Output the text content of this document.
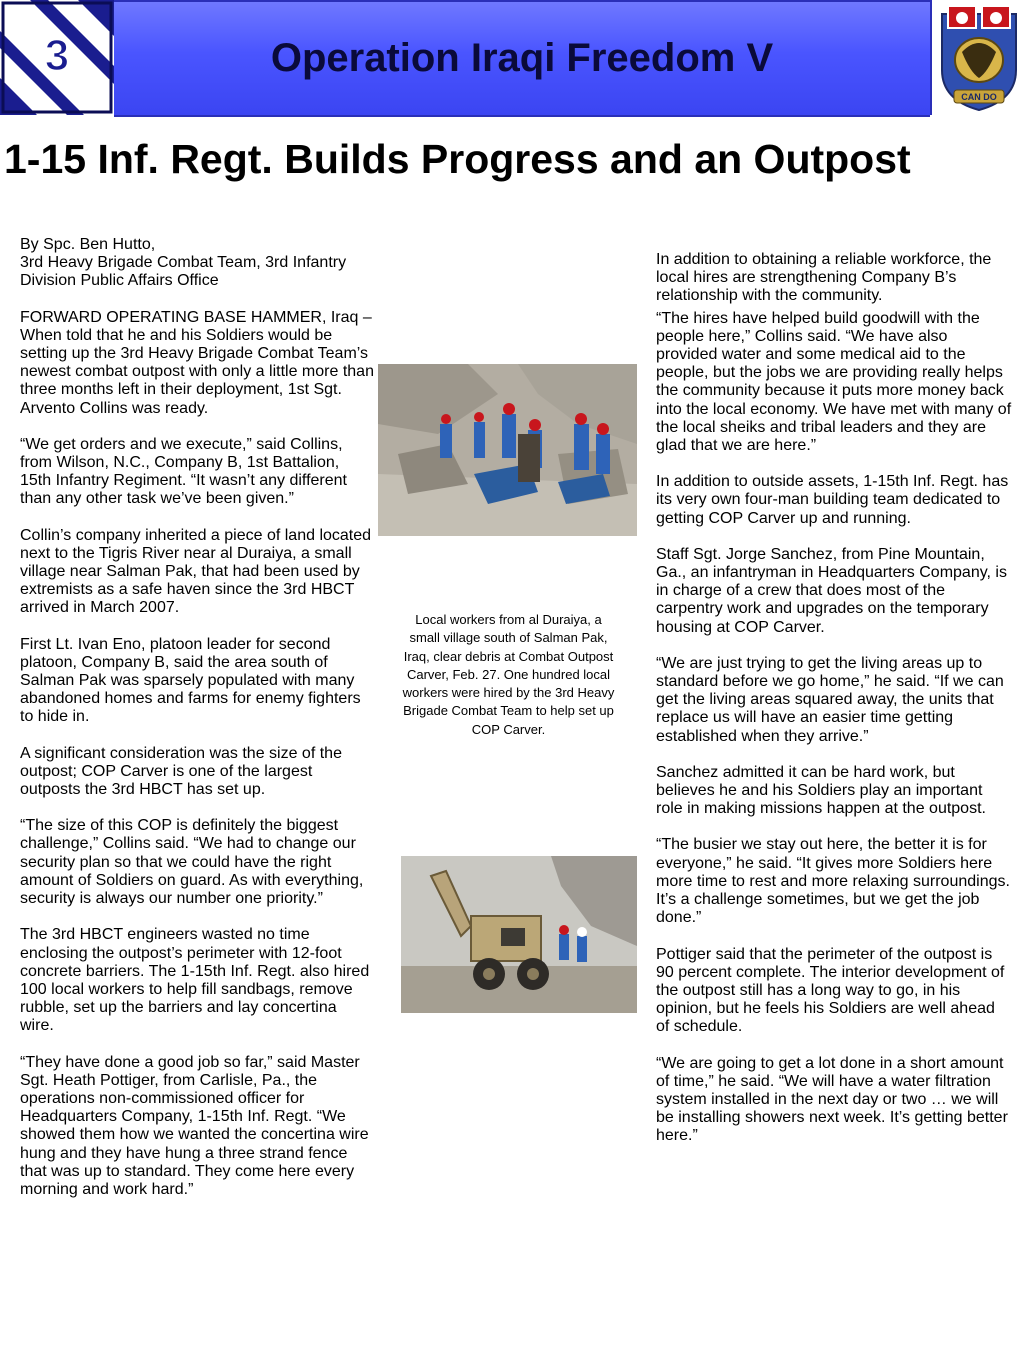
3	Operation Iraqi Freedom V
CAN DO
1-15 Inf. Regt. Builds Progress and an Outpost

By Spc. Ben Hutto,
3rd Heavy Brigade Combat Team, 3rd Infantry Division Public Affairs Office

FORWARD OPERATING BASE HAMMER, Iraq – When told that he and his Soldiers would be setting up the 3rd Heavy Brigade Combat Team’s newest combat outpost with only a little more than three months left in their deployment, 1st Sgt. Arvento Collins was ready.

“We get orders and we execute,” said Collins, from Wilson, N.C., Company B, 1st Battalion, 15th Infantry Regiment. “It wasn’t any different than any other task we’ve been given.”

Collin’s company inherited a piece of land located next to the Tigris River near al Duraiya, a small village near Salman Pak, that had been used by extremists as a safe haven since the 3rd HBCT arrived in March 2007.

First Lt. Ivan Eno, platoon leader for second platoon, Company B, said the area south of Salman Pak was sparsely populated with many abandoned homes and farms for enemy fighters to hide in.

A significant consideration was the size of the outpost; COP Carver is one of the largest outposts the 3rd HBCT has set up.

“The size of this COP is definitely the biggest challenge,” Collins said. “We had to change our security plan so that we could have the right amount of Soldiers on guard. As with everything, security is always our number one priority.”

The 3rd HBCT engineers wasted no time enclosing the outpost’s perimeter with 12-foot concrete barriers. The 1-15th Inf. Regt. also hired 100 local workers to help fill sandbags, remove rubble, set up the barriers and lay concertina wire.

“They have done a good job so far,” said Master Sgt. Heath Pottiger, from Carlisle, Pa., the operations non-commissioned officer for Headquarters Company, 1-15th Inf. Regt. “We showed them how we wanted the concertina wire hung and they have hung a three strand fence that was up to standard. They come here every morning and work hard.”

Local workers from al Duraiya, a small village south of Salman Pak, Iraq, clear debris at Combat Outpost Carver, Feb. 27. One hundred local workers were hired by the 3rd Heavy Brigade Combat Team to help set up COP Carver.

In addition to obtaining a reliable workforce, the local hires are strengthening Company B’s relationship with the community.

“The hires have helped build goodwill with the people here,” Collins said. “We have also provided water and some medical aid to the people, but the jobs we are providing really helps the community because it puts more money back into the local economy. We have met with many of the local sheiks and tribal leaders and they are glad that we are here.”

In addition to outside assets, 1-15th Inf. Regt. has its very own four-man building team dedicated to getting COP Carver up and running.

Staff Sgt. Jorge Sanchez, from Pine Mountain, Ga., an infantryman in Headquarters Company, is in charge of a crew that does most of the carpentry work and upgrades on the temporary housing at COP Carver.

“We are just trying to get the living areas up to standard before we go home,” he said. “If we can get the living areas squared away, the units that replace us will have an easier time getting established when they arrive.”

Sanchez admitted it can be hard work, but believes he and his Soldiers play an important role in making missions happen at the outpost.

“The busier we stay out here, the better it is for everyone,” he said. “It gives more Soldiers here more time to rest and more relaxing surroundings. It’s a challenge sometimes, but we get the job done.”

Pottiger said that the perimeter of the outpost is 90 percent complete. The interior development of the outpost still has a long way to go, in his opinion, but he feels his Soldiers are well ahead of schedule.

“We are going to get a lot done in a short amount of time,” he said. “We will have a water filtration system installed in the next day or two … we will be installing showers next week. It’s getting better here.”
